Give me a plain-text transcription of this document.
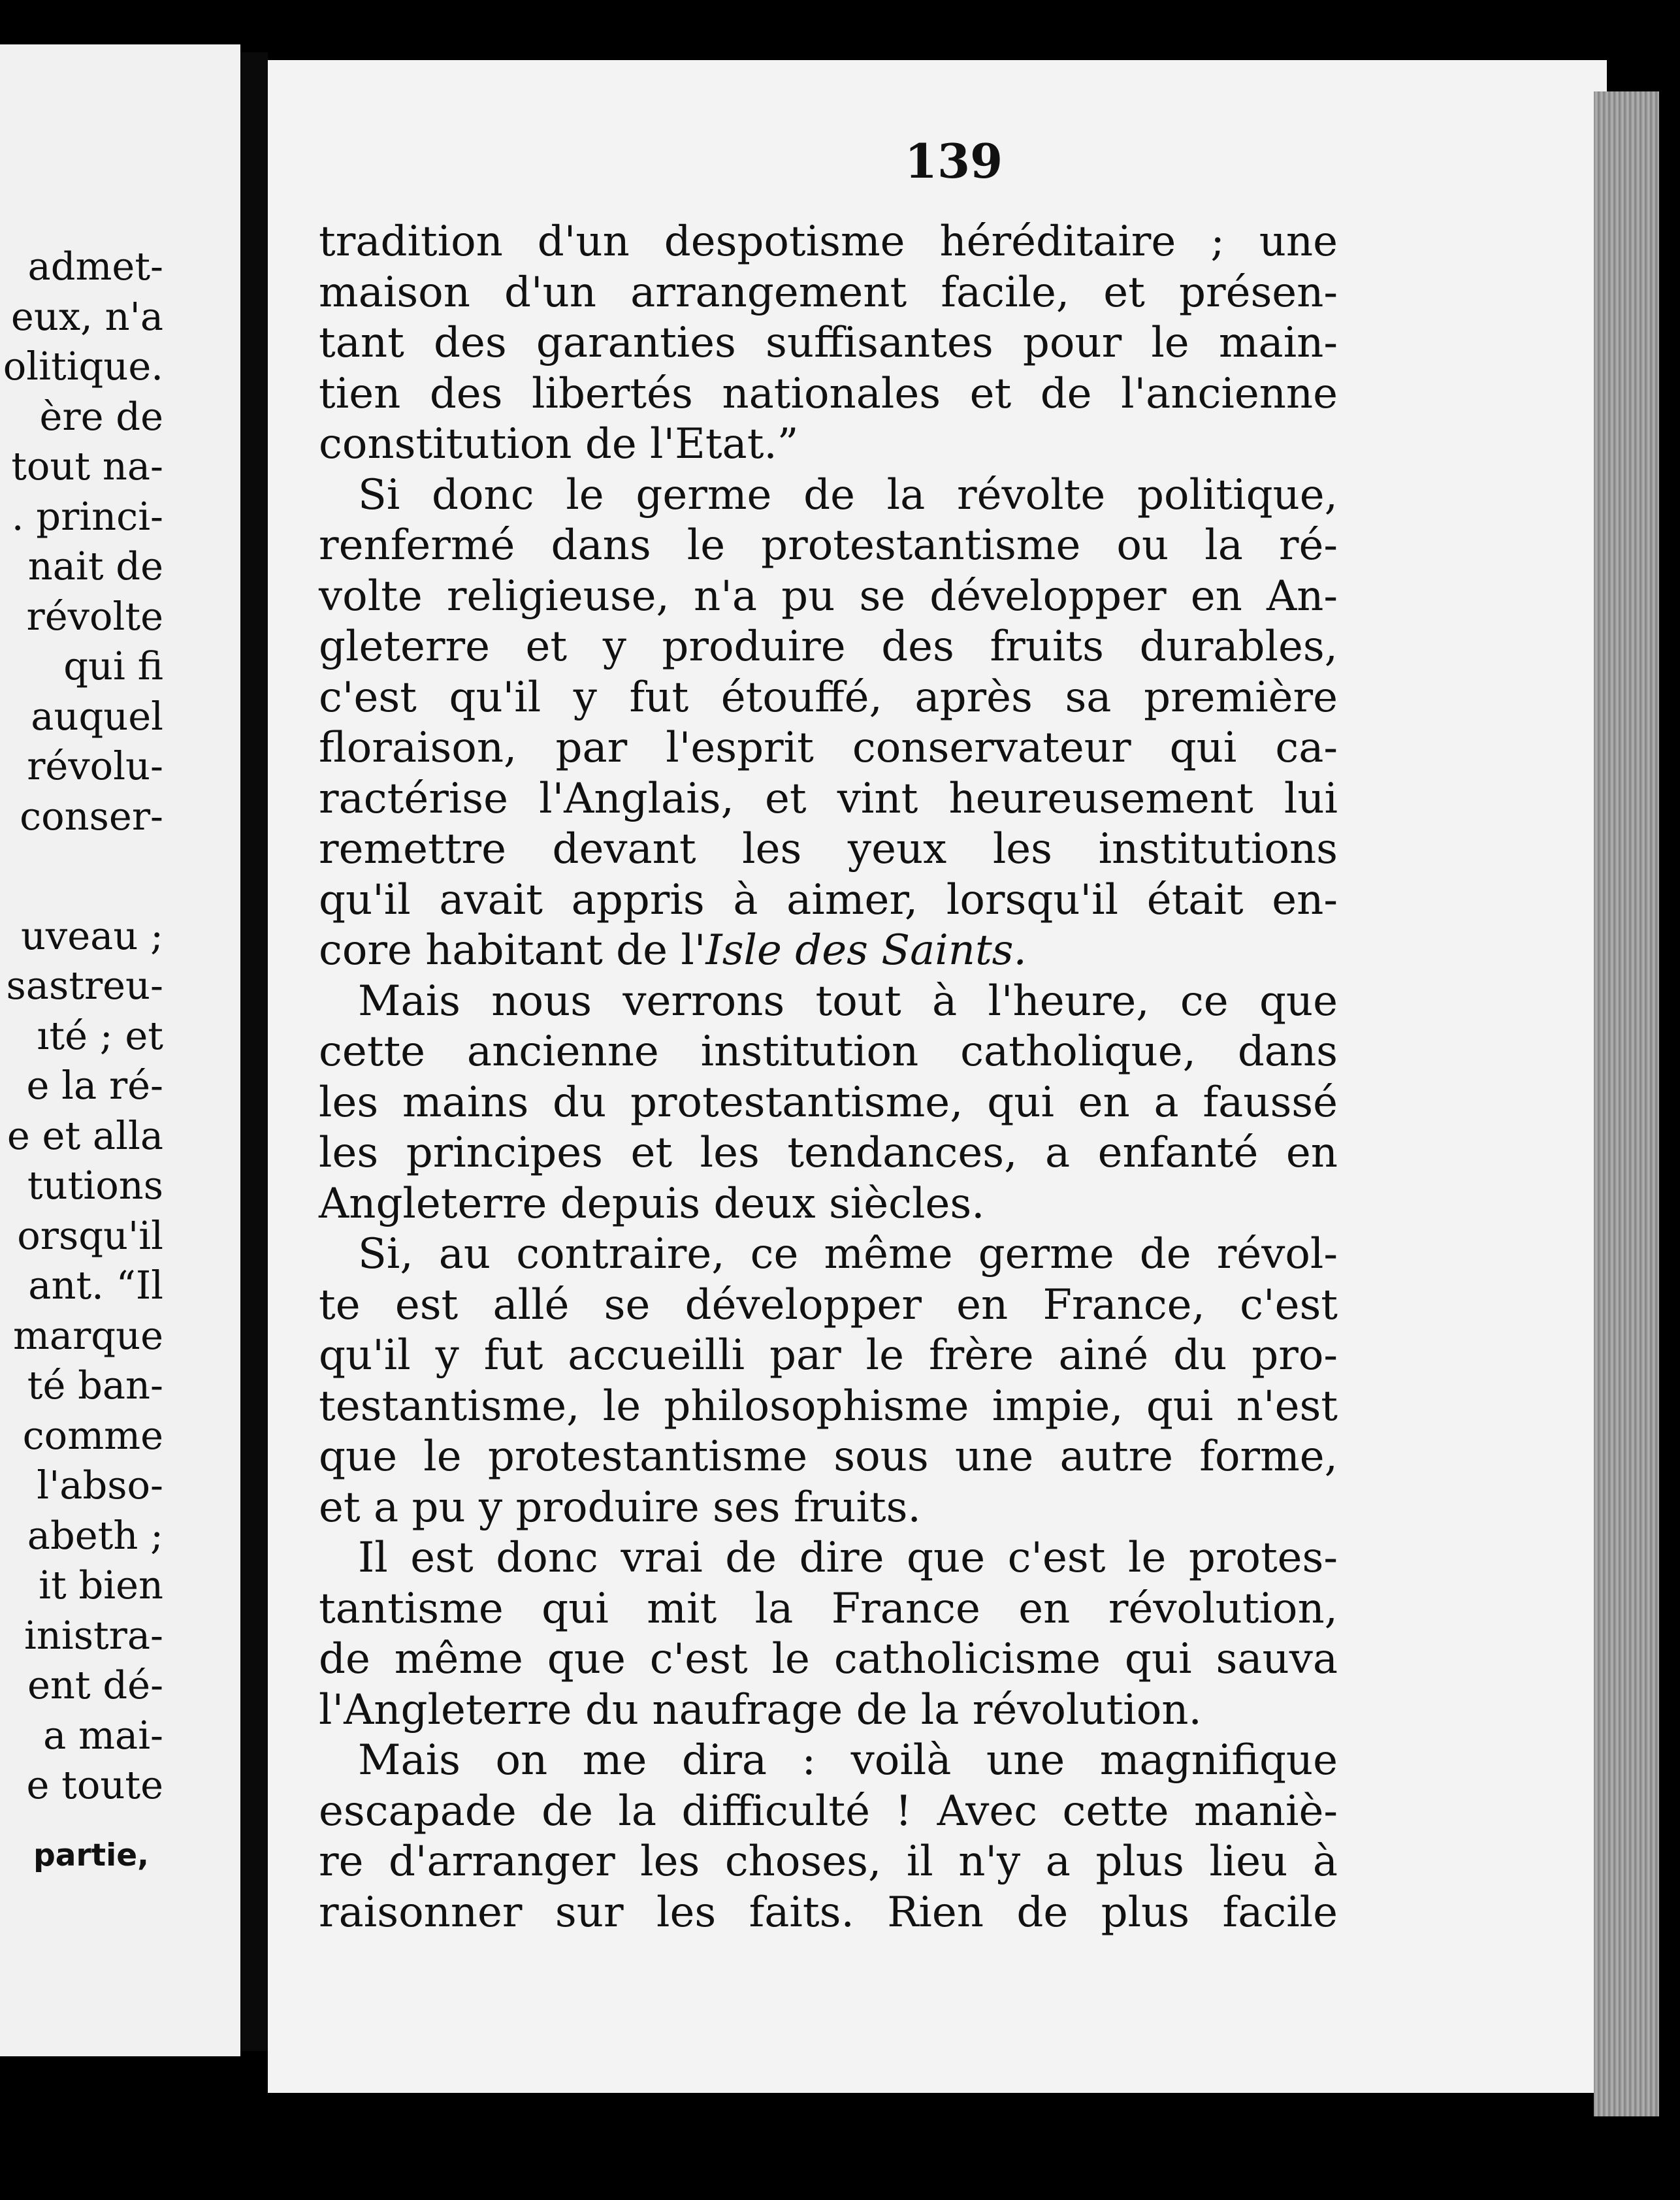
admet-
eux, n'a
olitique.
ère de
tout na-
. princi-
nait de
révolte
qui fi
auquel
révolu-
conser-
uveau ;
sastreu-
ıté ; et
e la ré-
e et alla
tutions
orsqu'il
ant. “Il
marque
té ban-
comme
l'abso-
abeth ;
it bien
inistra-
ent dé-
a mai-
e toute
partie,
139
tradition d'un despotisme héréditaire ; une
maison d'un arrangement facile, et présen-
tant des garanties suffisantes pour le main-
tien des libertés nationales et de l'ancienne
constitution de l'Etat.”
Si donc le germe de la révolte politique,
renfermé dans le protestantisme ou la ré-
volte religieuse, n'a pu se développer en An-
gleterre et y produire des fruits durables,
c'est qu'il y fut étouffé, après sa première
floraison, par l'esprit conservateur qui ca-
ractérise l'Anglais, et vint heureusement lui
remettre devant les yeux les institutions
qu'il avait appris à aimer, lorsqu'il était en-
core habitant de l'Isle des Saints.
Mais nous verrons tout à l'heure, ce que
cette ancienne institution catholique, dans
les mains du protestantisme, qui en a faussé
les principes et les tendances, a enfanté en
Angleterre depuis deux siècles.
Si, au contraire, ce même germe de révol-
te est allé se développer en France, c'est
qu'il y fut accueilli par le frère ainé du pro-
testantisme, le philosophisme impie, qui n'est
que le protestantisme sous une autre forme,
et a pu y produire ses fruits.
Il est donc vrai de dire que c'est le protes-
tantisme qui mit la France en révolution,
de même que c'est le catholicisme qui sauva
l'Angleterre du naufrage de la révolution.
Mais on me dira : voilà une magnifique
escapade de la difficulté ! Avec cette maniè-
re d'arranger les choses, il n'y a plus lieu à
raisonner sur les faits. Rien de plus facile
